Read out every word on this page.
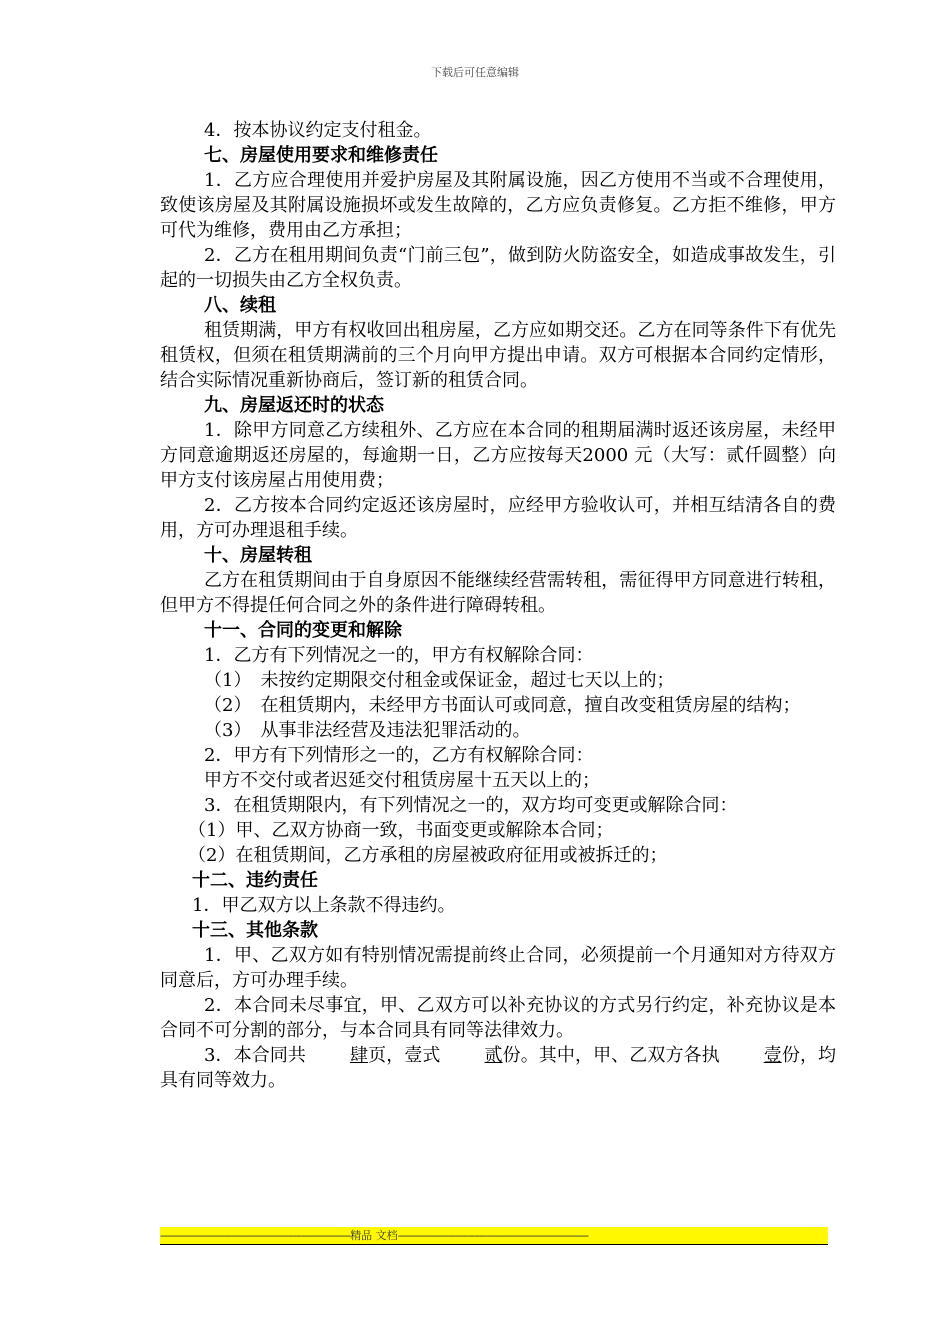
下载后可任意编辑

4．按本协议约定支付租金。

七、房屋使用要求和维修责任

1．乙方应合理使用并爱护房屋及其附属设施，因乙方使用不当或不合理使用，致使该房屋及其附属设施损坏或发生故障的，乙方应负责修复。乙方拒不维修，甲方可代为维修，费用由乙方承担；

2．乙方在租用期间负责“门前三包”，做到防火防盗安全，如造成事故发生，引起的一切损失由乙方全权负责。

八、续租

租赁期满，甲方有权收回出租房屋，乙方应如期交还。乙方在同等条件下有优先租赁权，但须在租赁期满前的三个月向甲方提出申请。双方可根据本合同约定情形，结合实际情况重新协商后，签订新的租赁合同。

九、房屋返还时的状态

1．除甲方同意乙方续租外、乙方应在本合同的租期届满时返还该房屋，未经甲方同意逾期返还房屋的，每逾期一日，乙方应按每天2000 元（大写：贰仟圆整）向甲方支付该房屋占用使用费；

2．乙方按本合同约定返还该房屋时，应经甲方验收认可，并相互结清各自的费用，方可办理退租手续。

十、房屋转租

乙方在租赁期间由于自身原因不能继续经营需转租，需征得甲方同意进行转租，但甲方不得提任何合同之外的条件进行障碍转租。

十一、合同的变更和解除

1．乙方有下列情况之一的，甲方有权解除合同：

（1）　未按约定期限交付租金或保证金，超过七天以上的；

（2）　在租赁期内，未经甲方书面认可或同意，擅自改变租赁房屋的结构；

（3）　从事非法经营及违法犯罪活动的。

2．甲方有下列情形之一的，乙方有权解除合同：

甲方不交付或者迟延交付租赁房屋十五天以上的；

3．在租赁期限内，有下列情况之一的，双方均可变更或解除合同：

（1）甲、乙双方协商一致，书面变更或解除本合同；

（2）在租赁期间，乙方承租的房屋被政府征用或被拆迁的；

十二、违约责任

1．甲乙双方以上条款不得违约。

十三、其他条款

1．甲、乙双方如有特别情况需提前终止合同，必须提前一个月通知对方待双方同意后，方可办理手续。

2．本合同未尽事宜，甲、乙双方可以补充协议的方式另行约定，补充协议是本合同不可分割的部分，与本合同具有同等法律效力。

3．本合同共 肆页，壹式 贰份。其中，甲、乙双方各执 壹份，均具有同等效力。

----------------------------------------------------------------------精品 文档----------------------------------------------------------------------
